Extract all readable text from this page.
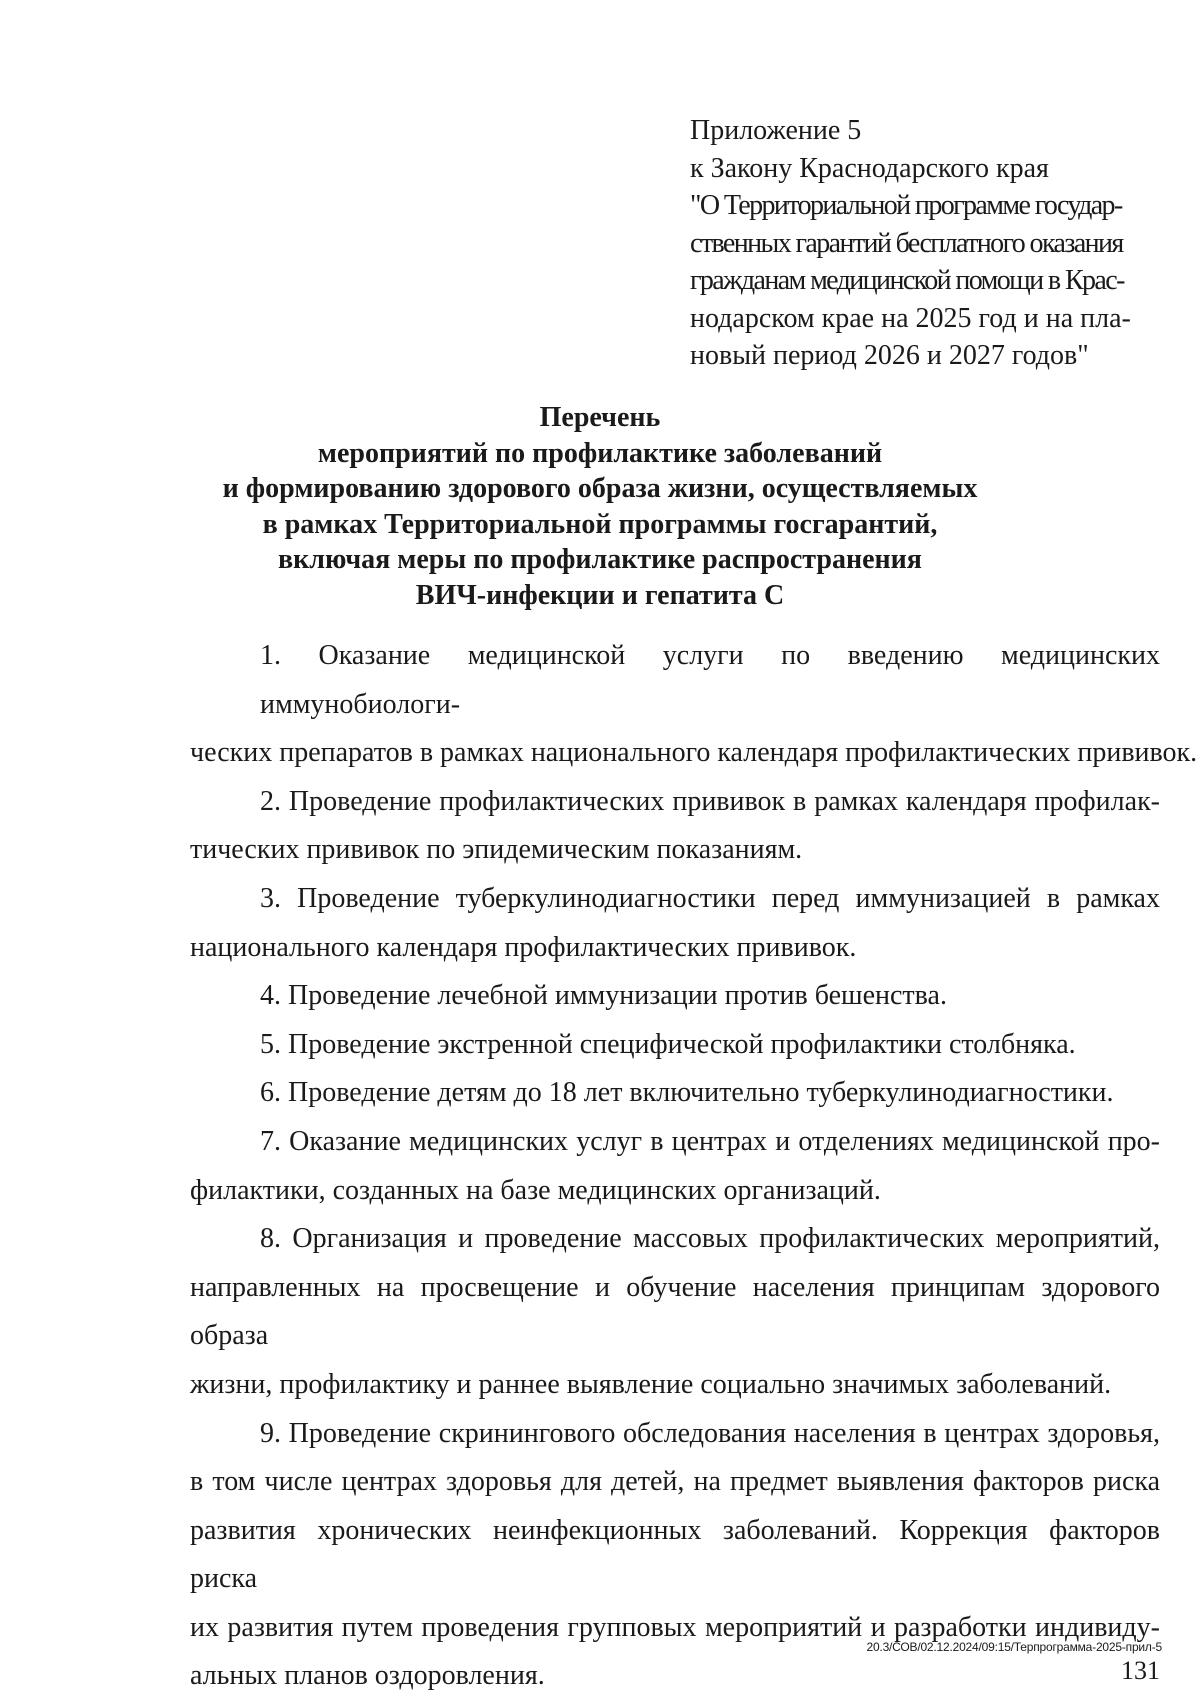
Приложение 5
к Закону Краснодарского края
"О Территориальной программе государ-
ственных гарантий бесплатного оказания
гражданам медицинской помощи в Крас-
нодарском крае на 2025 год и на пла-
новый период 2026 и 2027 годов"
Перечень
мероприятий по профилактике заболеваний
и формированию здорового образа жизни, осуществляемых
в рамках Территориальной программы госгарантий,
включая меры по профилактике распространения
ВИЧ-инфекции и гепатита С
1. Оказание медицинской услуги по введению медицинских иммунобиологи-
ческих препаратов в рамках национального календаря профилактических прививок.
2. Проведение профилактических прививок в рамках календаря профилак-
тических прививок по эпидемическим показаниям.
3. Проведение туберкулинодиагностики перед иммунизацией в рамках
национального календаря профилактических прививок.
4. Проведение лечебной иммунизации против бешенства.
5. Проведение экстренной специфической профилактики столбняка.
6. Проведение детям до 18 лет включительно туберкулинодиагностики.
7. Оказание медицинских услуг в центрах и отделениях медицинской про-
филактики, созданных на базе медицинских организаций.
8. Организация и проведение массовых профилактических мероприятий,
направленных на просвещение и обучение населения принципам здорового образа
жизни, профилактику и раннее выявление социально значимых заболеваний.
9. Проведение скринингового обследования населения в центрах здоровья,
в том числе центрах здоровья для детей, на предмет выявления факторов риска
развития хронических неинфекционных заболеваний. Коррекция факторов риска
их развития путем проведения групповых мероприятий и разработки индивиду-
альных планов оздоровления.
20.3/СОВ/02.12.2024/09:15/Терпрограмма-2025-прил-5
131
